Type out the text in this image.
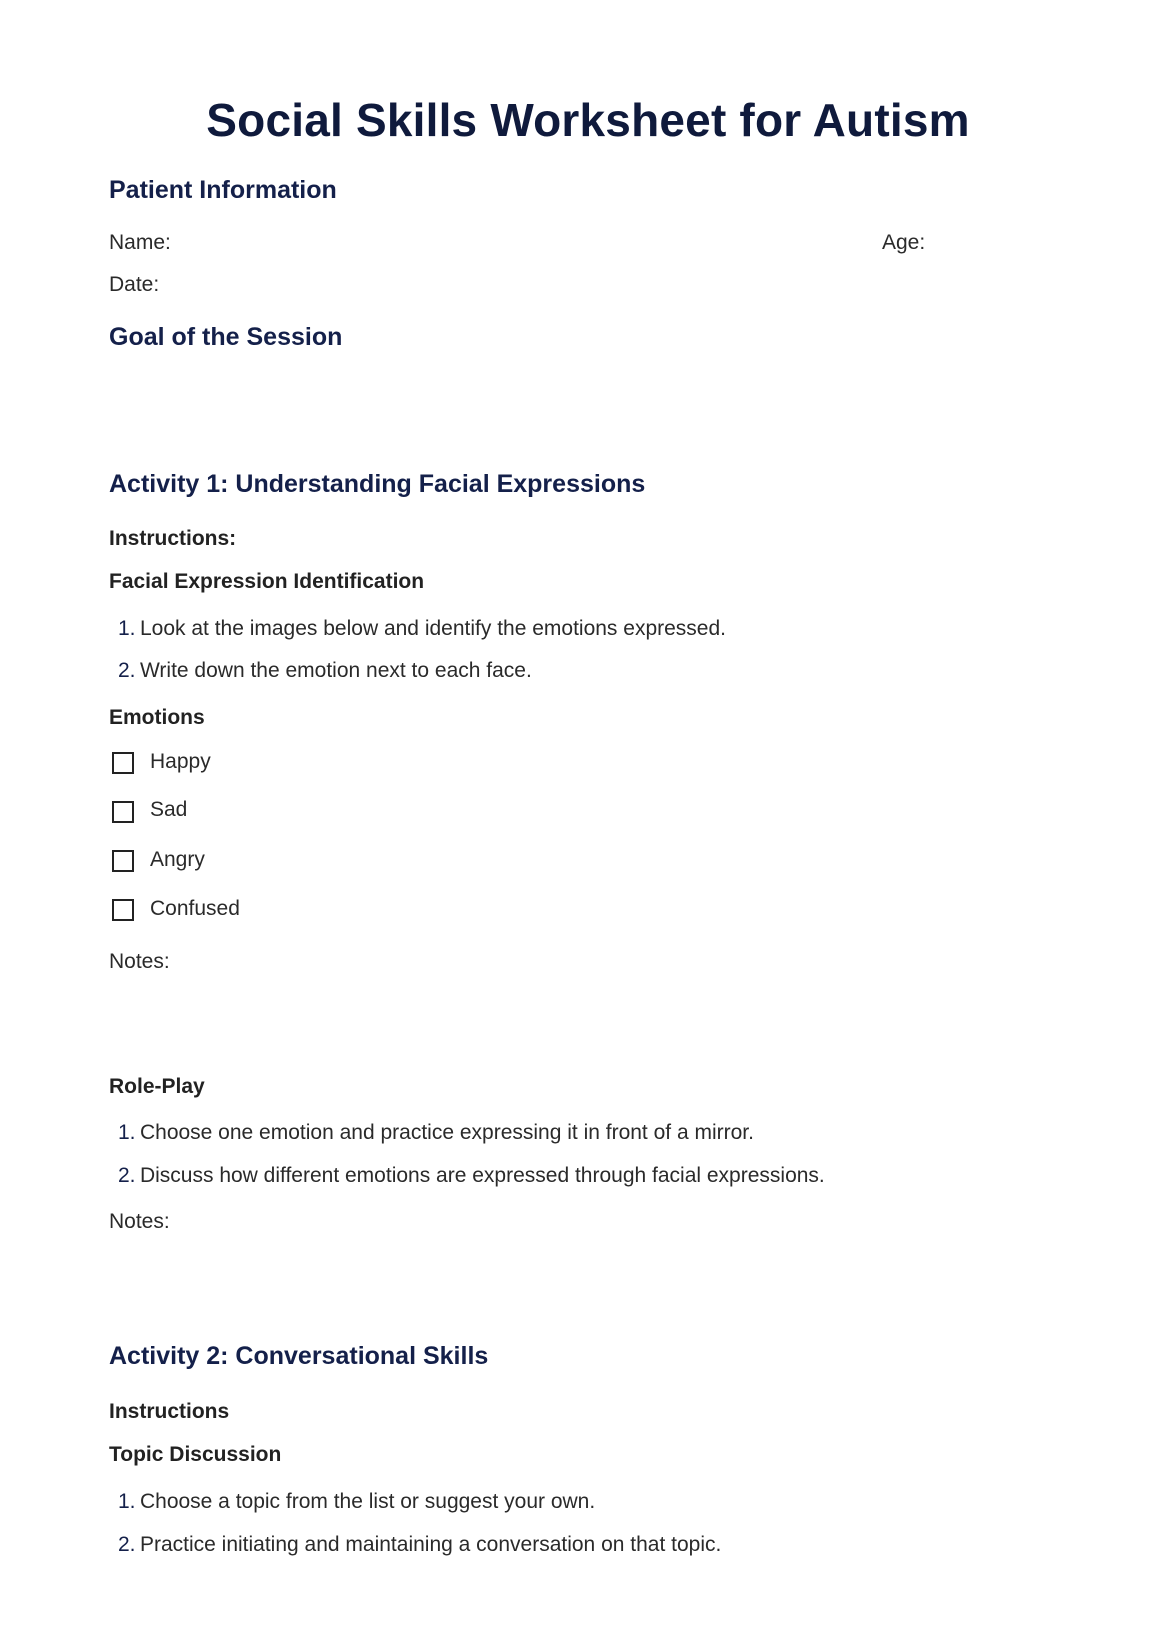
Social Skills Worksheet for Autism
Patient Information
Name:	Age:
Date:
Goal of the Session
Activity 1: Understanding Facial Expressions
Instructions:
Facial Expression Identification
1. Look at the images below and identify the emotions expressed.
2. Write down the emotion next to each face.
Emotions
Happy
Sad
Angry
Confused
Notes:
Role-Play
1. Choose one emotion and practice expressing it in front of a mirror.
2. Discuss how different emotions are expressed through facial expressions.
Notes:
Activity 2: Conversational Skills
Instructions
Topic Discussion
1. Choose a topic from the list or suggest your own.
2. Practice initiating and maintaining a conversation on that topic.
